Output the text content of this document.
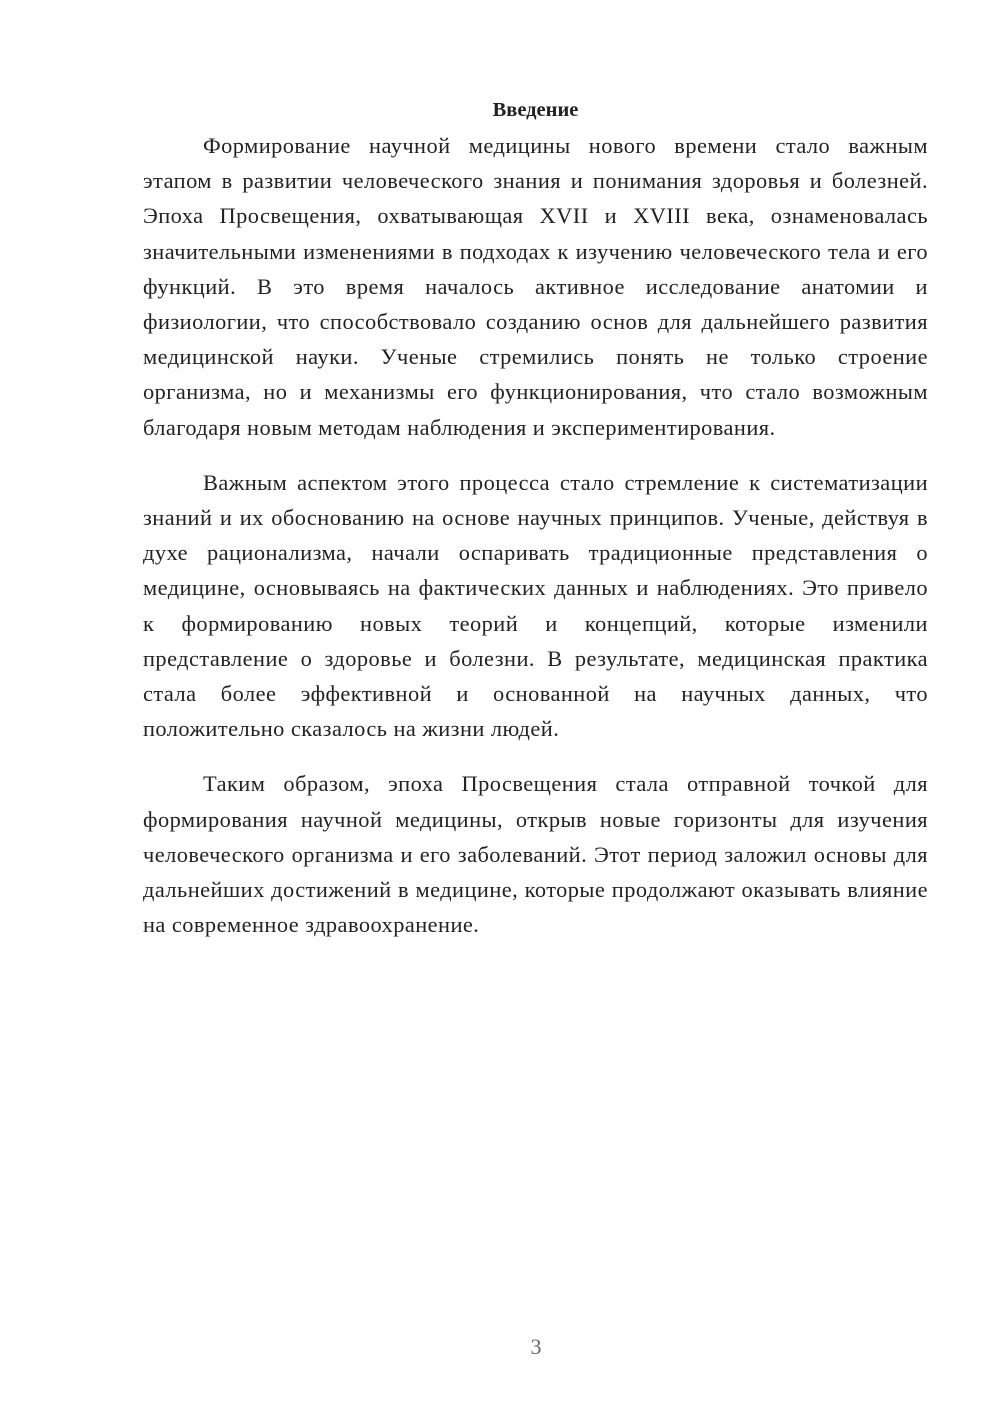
Введение

Формирование научной медицины нового времени стало важным этапом в развитии человеческого знания и понимания здоровья и болезней. Эпоха Просвещения, охватывающая XVII и XVIII века, ознаменовалась значительными изменениями в подходах к изучению человеческого тела и его функций. В это время началось активное исследование анатомии и физиологии, что способствовало созданию основ для дальнейшего развития медицинской науки. Ученые стремились понять не только строение организма, но и механизмы его функционирования, что стало возможным благодаря новым методам наблюдения и экспериментирования.

Важным аспектом этого процесса стало стремление к систематизации знаний и их обоснованию на основе научных принципов. Ученые, действуя в духе рационализма, начали оспаривать традиционные представления о медицине, основываясь на фактических данных и наблюдениях. Это привело к формированию новых теорий и концепций, которые изменили представление о здоровье и болезни. В результате, медицинская практика стала более эффективной и основанной на научных данных, что положительно сказалось на жизни людей.

Таким образом, эпоха Просвещения стала отправной точкой для формирования научной медицины, открыв новые горизонты для изучения человеческого организма и его заболеваний. Этот период заложил основы для дальнейших достижений в медицине, которые продолжают оказывать влияние на современное здравоохранение.

3
